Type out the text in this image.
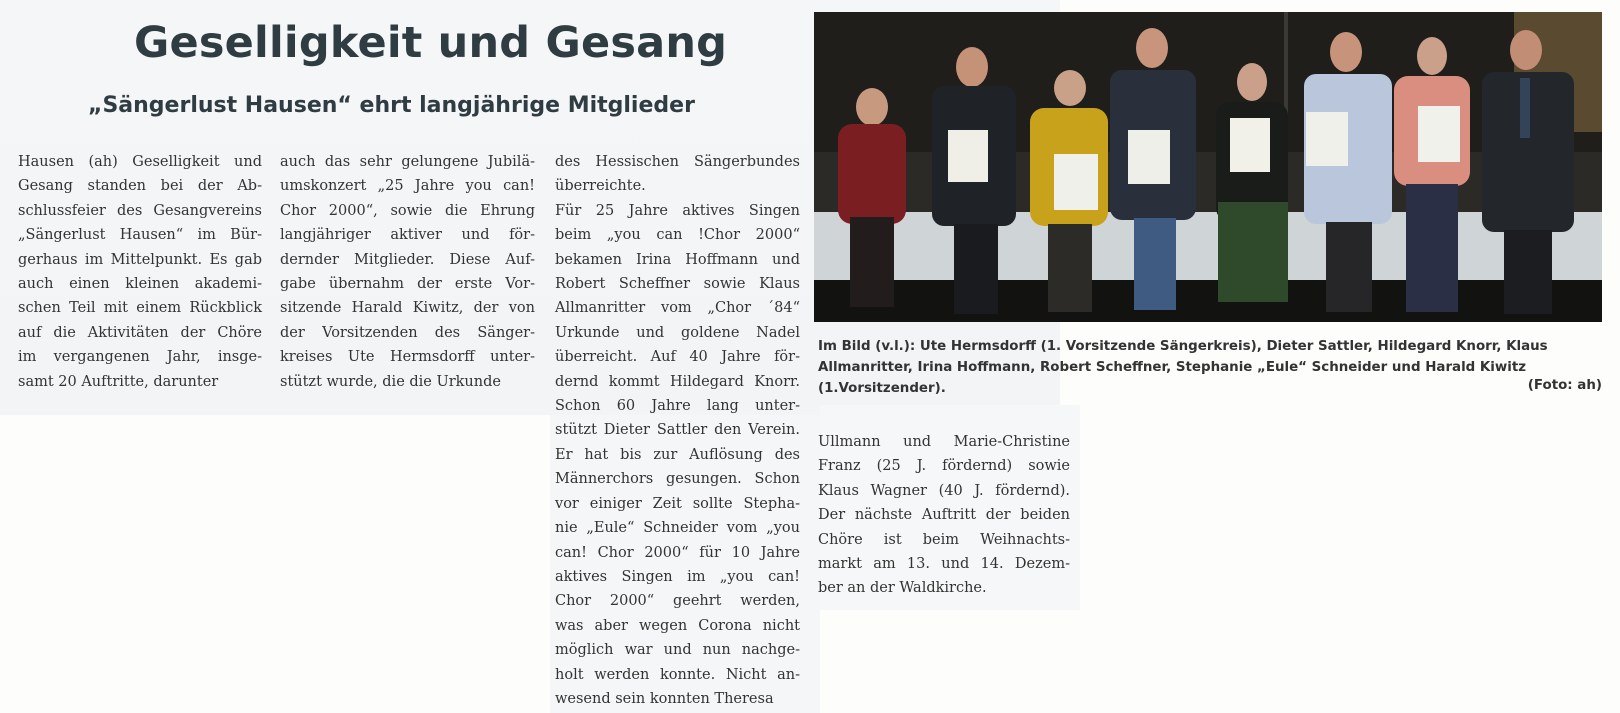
Geselligkeit und Gesang
„Sängerlust Hausen“ ehrt langjährige Mitglieder
Hausen (ah) Geselligkeit und
Gesang standen bei der Ab-
schlussfeier des Gesangvereins
„Sängerlust Hausen“ im Bür-
gerhaus im Mittelpunkt. Es gab
auch einen kleinen akademi-
schen Teil mit einem Rückblick
auf die Aktivitäten der Chöre
im vergangenen Jahr, insge-
samt 20 Auftritte, darunter
auch das sehr gelungene Jubilä-
umskonzert „25 Jahre you can!
Chor 2000“, sowie die Ehrung
langjähriger aktiver und för-
dernder Mitglieder. Diese Auf-
gabe übernahm der erste Vor-
sitzende Harald Kiwitz, der von
der Vorsitzenden des Sänger-
kreises Ute Hermsdorff unter-
stützt wurde, die die Urkunde
des Hessischen Sängerbundes
überreichte.
Für 25 Jahre aktives Singen
beim „you can !Chor 2000“
bekamen Irina Hoffmann und
Robert Scheffner sowie Klaus
Allmanritter vom „Chor ´84“
Urkunde und goldene Nadel
überreicht. Auf 40 Jahre för-
dernd kommt Hildegard Knorr.
Schon 60 Jahre lang unter-
stützt Dieter Sattler den Verein.
Er hat bis zur Auflösung des
Männerchors gesungen. Schon
vor einiger Zeit sollte Stepha-
nie „Eule“ Schneider vom „you
can! Chor 2000“ für 10 Jahre
aktives Singen im „you can!
Chor 2000“ geehrt werden,
was aber wegen Corona nicht
möglich war und nun nachge-
holt werden konnte. Nicht an-
wesend sein konnten Theresa
Ullmann und Marie-Christine
Franz (25 J. fördernd) sowie
Klaus Wagner (40 J. fördernd).
Der nächste Auftritt der beiden
Chöre ist beim Weihnachts-
markt am 13. und 14. Dezem-
ber an der Waldkirche.
Im Bild (v.l.): Ute Hermsdorff (1. Vorsitzende Sängerkreis), Dieter Sattler, Hildegard Knorr, Klaus
Allmanritter, Irina Hoffmann, Robert Scheffner, Stephanie „Eule“ Schneider und Harald Kiwitz
(1.Vorsitzender).	(Foto: ah)
